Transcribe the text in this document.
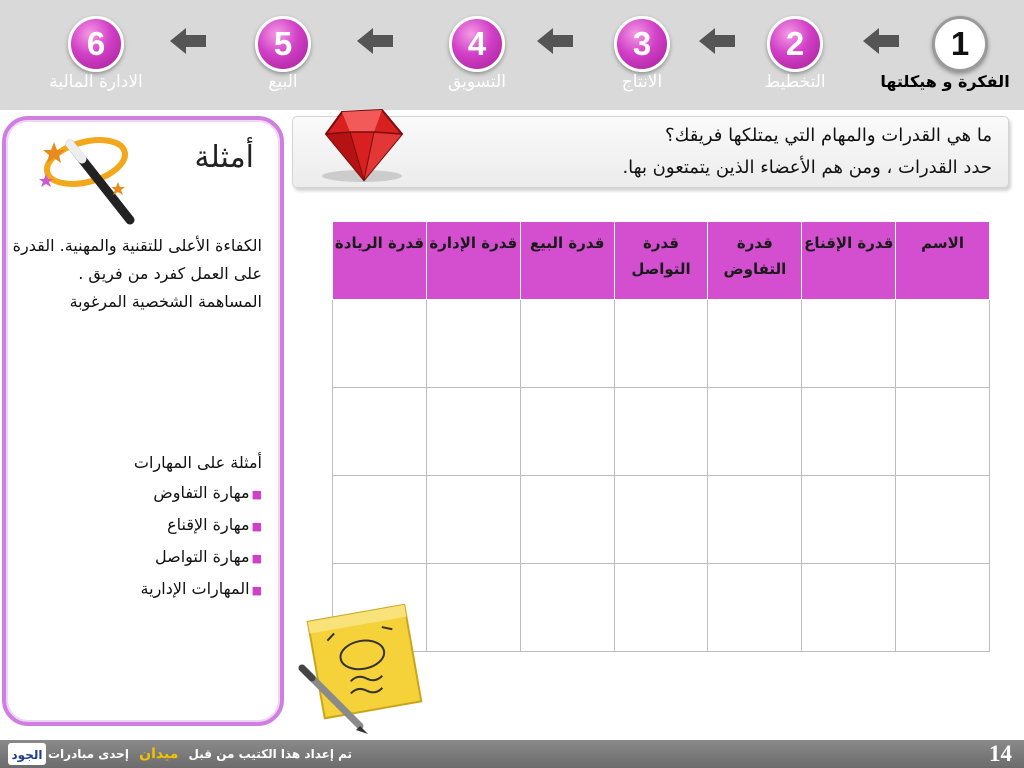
1
الفكرة و هيكلتها
2
التخطيط
3
الانتاج
4
التسويق
5
البيع
6
الادارة المالية
أمثلة
الكفاءة الأعلى للتقنية والمهنية. القدرة على العمل كفرد من فريق . المساهمة الشخصية المرغوبة
أمثلة على المهارات
■مهارة التفاوض
■مهارة الإقناع
■مهارة التواصل
■المهارات الإدارية
ما هي القدرات والمهام التي يمتلكها فريقك؟
حدد القدرات ، ومن هم الأعضاء الذين يتمتعون بها.
الاسم	قدرة الإقناع	قدرة التفاوض	قدرة التواصل	قدرة البيع	قدرة الإدارة	قدرة الريادة

14
تم إعداد هذا الكتيب من قبل ميدان إحدى مبادرات
الجود
